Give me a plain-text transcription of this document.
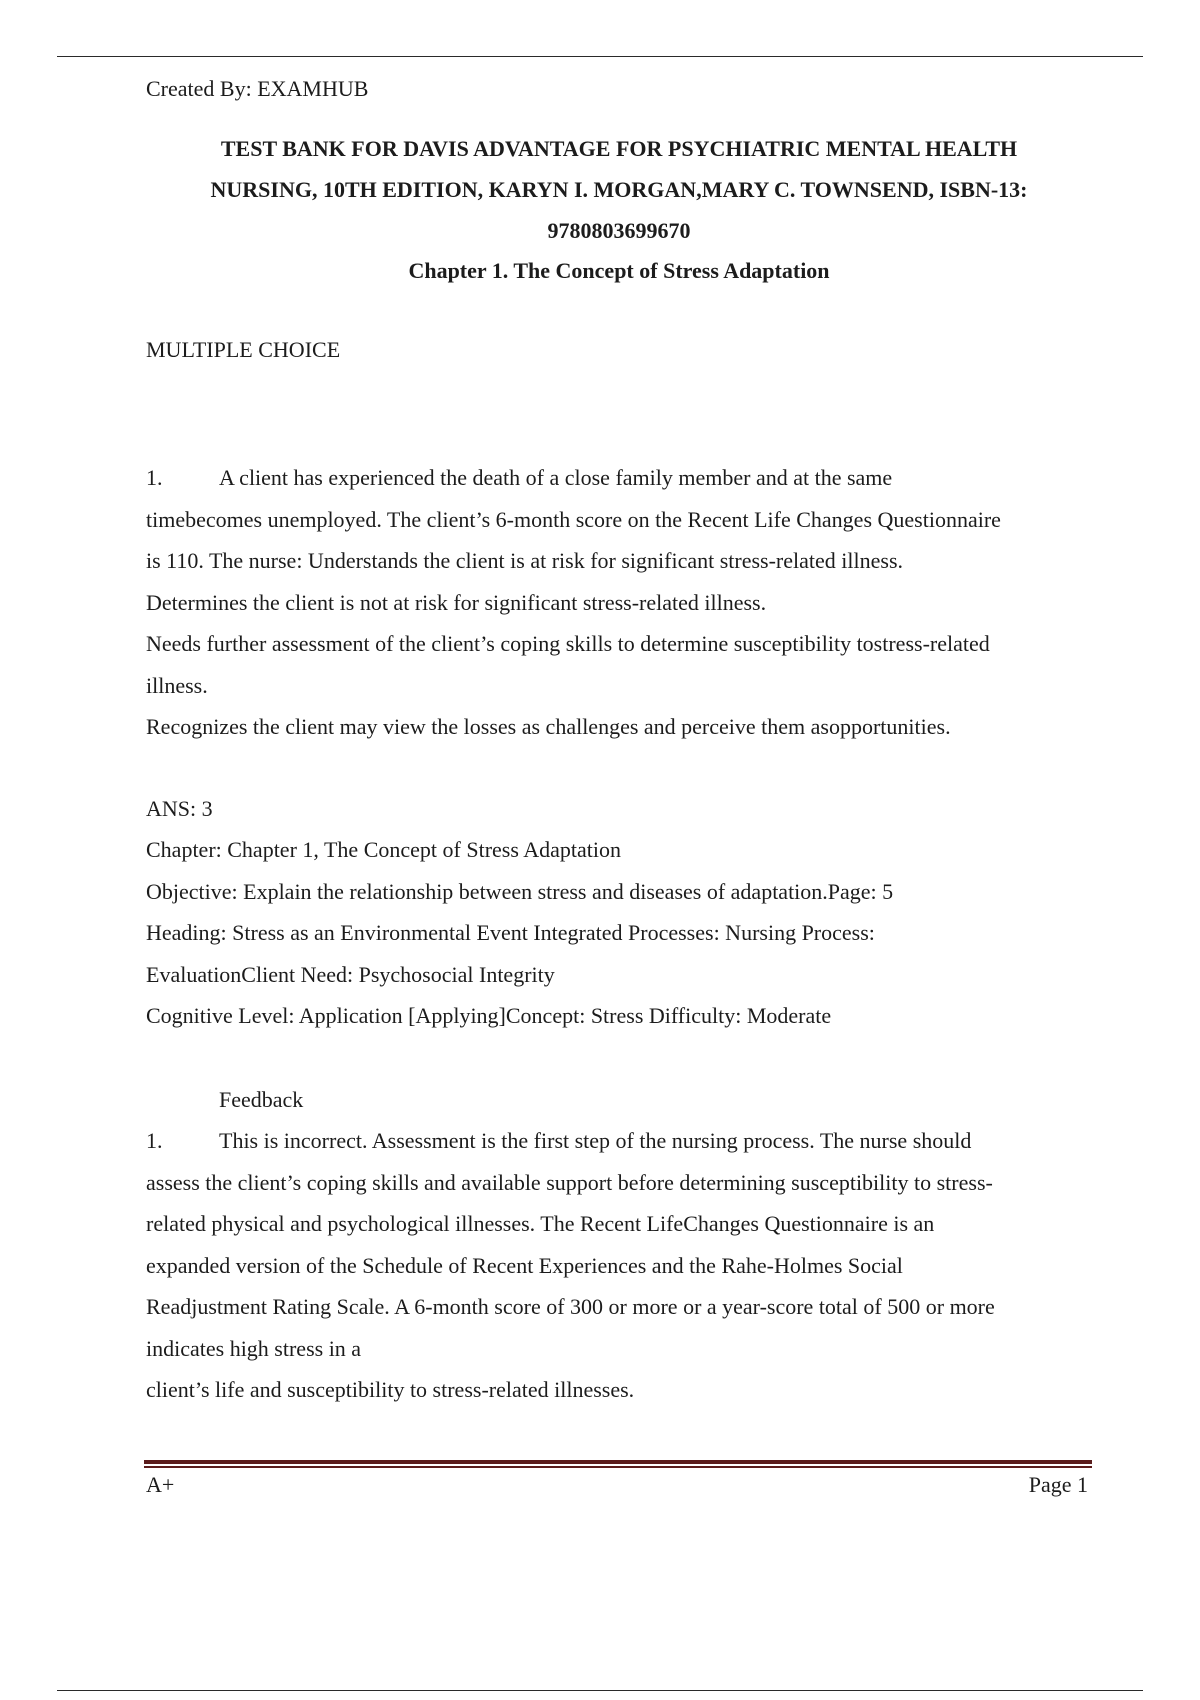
Created By: EXAMHUB

TEST BANK FOR DAVIS ADVANTAGE FOR PSYCHIATRIC MENTAL HEALTH
NURSING, 10TH EDITION, KARYN I. MORGAN,MARY C. TOWNSEND, ISBN-13:
9780803699670

Chapter 1. The Concept of Stress Adaptation

MULTIPLE CHOICE

1.	A client has experienced the death of a close family member and at the same

timebecomes unemployed. The client’s 6-month score on the Recent Life Changes Questionnaire

is 110. The nurse: Understands the client is at risk for significant stress-related illness.

Determines the client is not at risk for significant stress-related illness.

Needs further assessment of the client’s coping skills to determine susceptibility tostress-related

illness.

Recognizes the client may view the losses as challenges and perceive them asopportunities.

ANS: 3

Chapter: Chapter 1, The Concept of Stress Adaptation

Objective: Explain the relationship between stress and diseases of adaptation.Page: 5

Heading: Stress as an Environmental Event Integrated Processes: Nursing Process:

EvaluationClient Need: Psychosocial Integrity

Cognitive Level: Application [Applying]Concept: Stress Difficulty: Moderate

Feedback

1.	This is incorrect. Assessment is the first step of the nursing process. The nurse should

assess the client’s coping skills and available support before determining susceptibility to stress-

related physical and psychological illnesses. The Recent LifeChanges Questionnaire is an

expanded version of the Schedule of Recent Experiences and the Rahe-Holmes Social

Readjustment Rating Scale. A 6-month score of 300 or more or a year-score total of 500 or more

indicates high stress in a

client’s life and susceptibility to stress-related illnesses.

A+	Page 1
